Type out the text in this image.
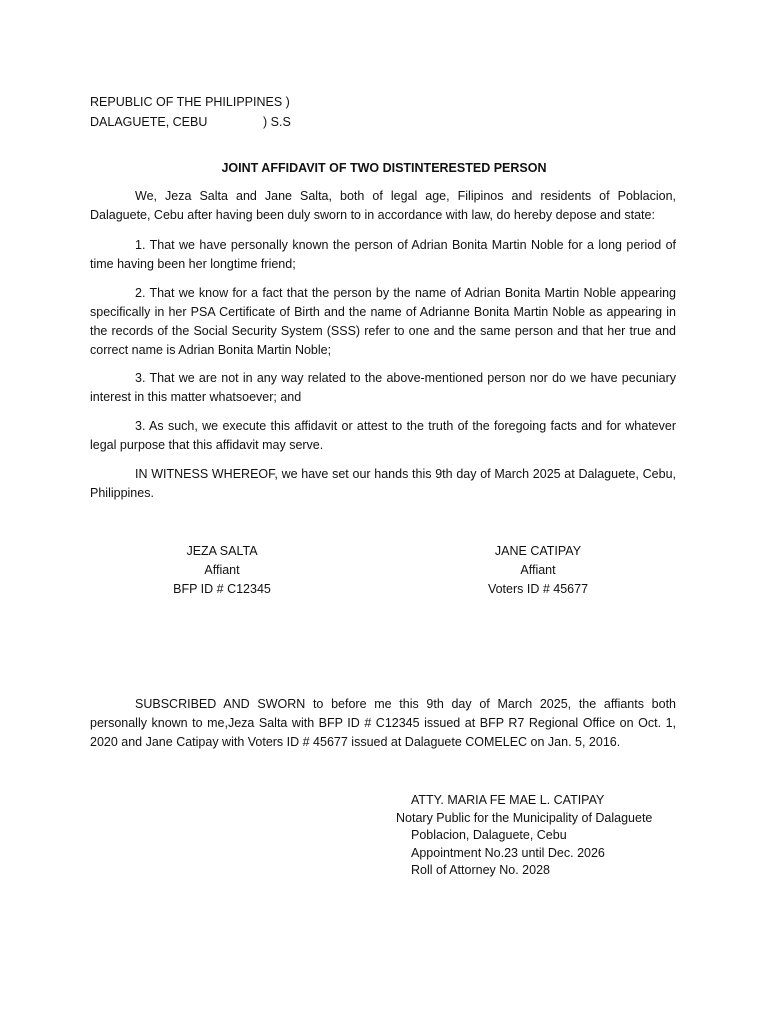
REPUBLIC OF THE PHILIPPINES )
DALAGUETE, CEBU	) S.S
JOINT AFFIDAVIT OF TWO DISTINTERESTED PERSON
We, Jeza Salta and Jane Salta, both of legal age, Filipinos and residents of Poblacion, Dalaguete, Cebu after having been duly sworn to in accordance with law, do hereby depose and state:
1. That we have personally known the person of Adrian Bonita Martin Noble for a long period of time having been her longtime friend;
2. That we know for a fact that the person by the name of Adrian Bonita Martin Noble appearing specifically in her PSA Certificate of Birth and the name of Adrianne Bonita Martin Noble as appearing in the records of the Social Security System (SSS) refer to one and the same person and that her true and correct name is Adrian Bonita Martin Noble;
3. That we are not in any way related to the above-mentioned person nor do we have pecuniary interest in this matter whatsoever; and
3. As such, we execute this affidavit or attest to the truth of the foregoing facts and for whatever legal purpose that this affidavit may serve.
IN WITNESS WHEREOF, we have set our hands this 9th day of March 2025 at Dalaguete, Cebu, Philippines.
JEZA SALTA
Affiant
BFP ID # C12345
JANE CATIPAY
Affiant
Voters ID # 45677
SUBSCRIBED AND SWORN to before me this 9th day of March 2025, the affiants both personally known to me,Jeza Salta with BFP ID # C12345 issued at BFP R7 Regional Office on Oct. 1, 2020 and Jane Catipay with Voters ID # 45677 issued at Dalaguete COMELEC on Jan. 5, 2016.
ATTY. MARIA FE MAE L. CATIPAY
Notary Public for the Municipality of Dalaguete
Poblacion, Dalaguete, Cebu
Appointment No.23 until Dec. 2026
Roll of Attorney No. 2028
